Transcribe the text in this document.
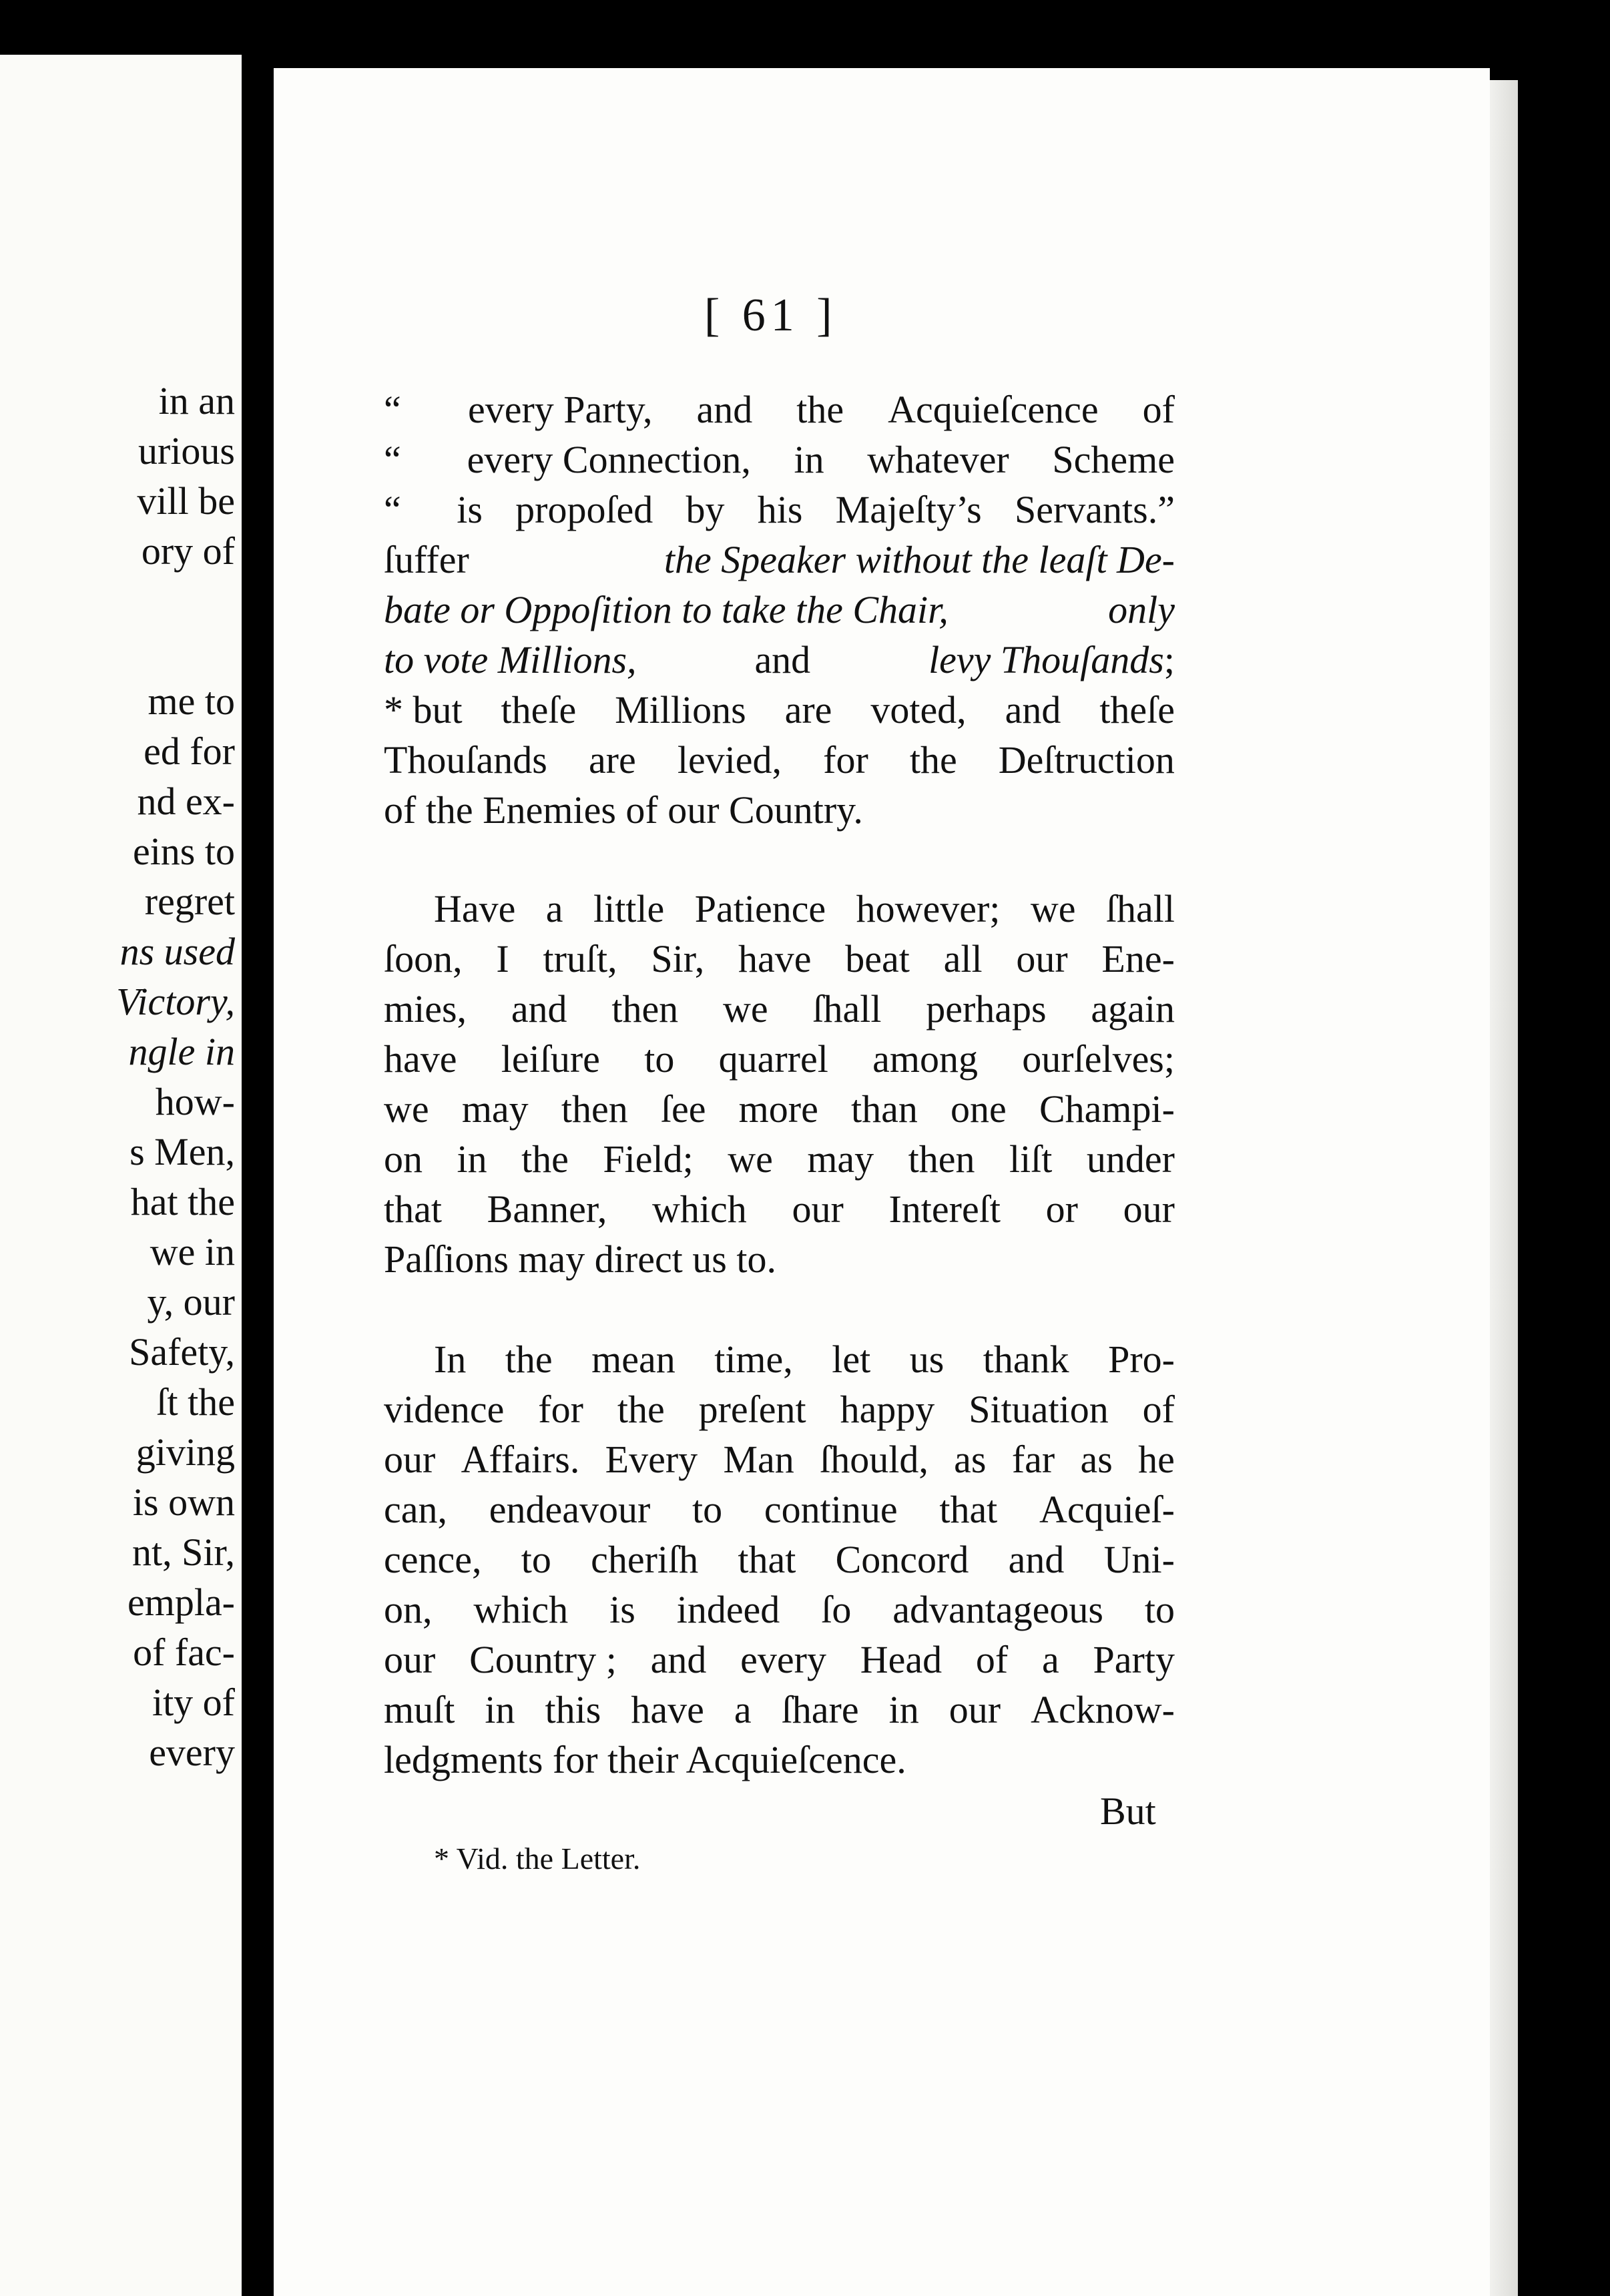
in an
urious
vill be
ory of
me to
ed for
nd ex-
eins to
regret
ns used
Victory,
ngle in
how-
s Men,
hat the
we in
y, our
Safety,
ſt the
giving
is own
nt, Sir,
empla-
of fac-
ity of
every
[ 61 ]
“	every Party, and the Acquieſcence of
“	every Connection, in whatever Scheme
“	is propoſed by his Majeſty’s Servants.”
ſuffer	the Speaker without the leaſt De-
bate or Oppoſition to take the Chair,	only
to vote Millions,	and	levy Thouſands;
* but theſe Millions are voted, and theſe
Thouſands are levied, for the Deſtruction
of the Enemies of our Country.
Have a little Patience however; we ſhall
ſoon, I truſt, Sir, have beat all our Ene-
mies, and then we ſhall perhaps again
have leiſure to quarrel among ourſelves;
we may then ſee more than one Champi-
on in the Field; we may then liſt under
that Banner, which our Intereſt or our
Paſſions may direct us to.
In the mean time, let us thank Pro-
vidence for the preſent happy Situation of
our Affairs. Every Man ſhould, as far as he
can, endeavour to continue that Acquieſ-
cence, to cheriſh that Concord and Uni-
on, which is indeed ſo advantageous to
our Country ; and every Head of a Party
muſt in this have a ſhare in our Acknow-
ledgments for their Acquieſcence.
But
* Vid. the Letter.
